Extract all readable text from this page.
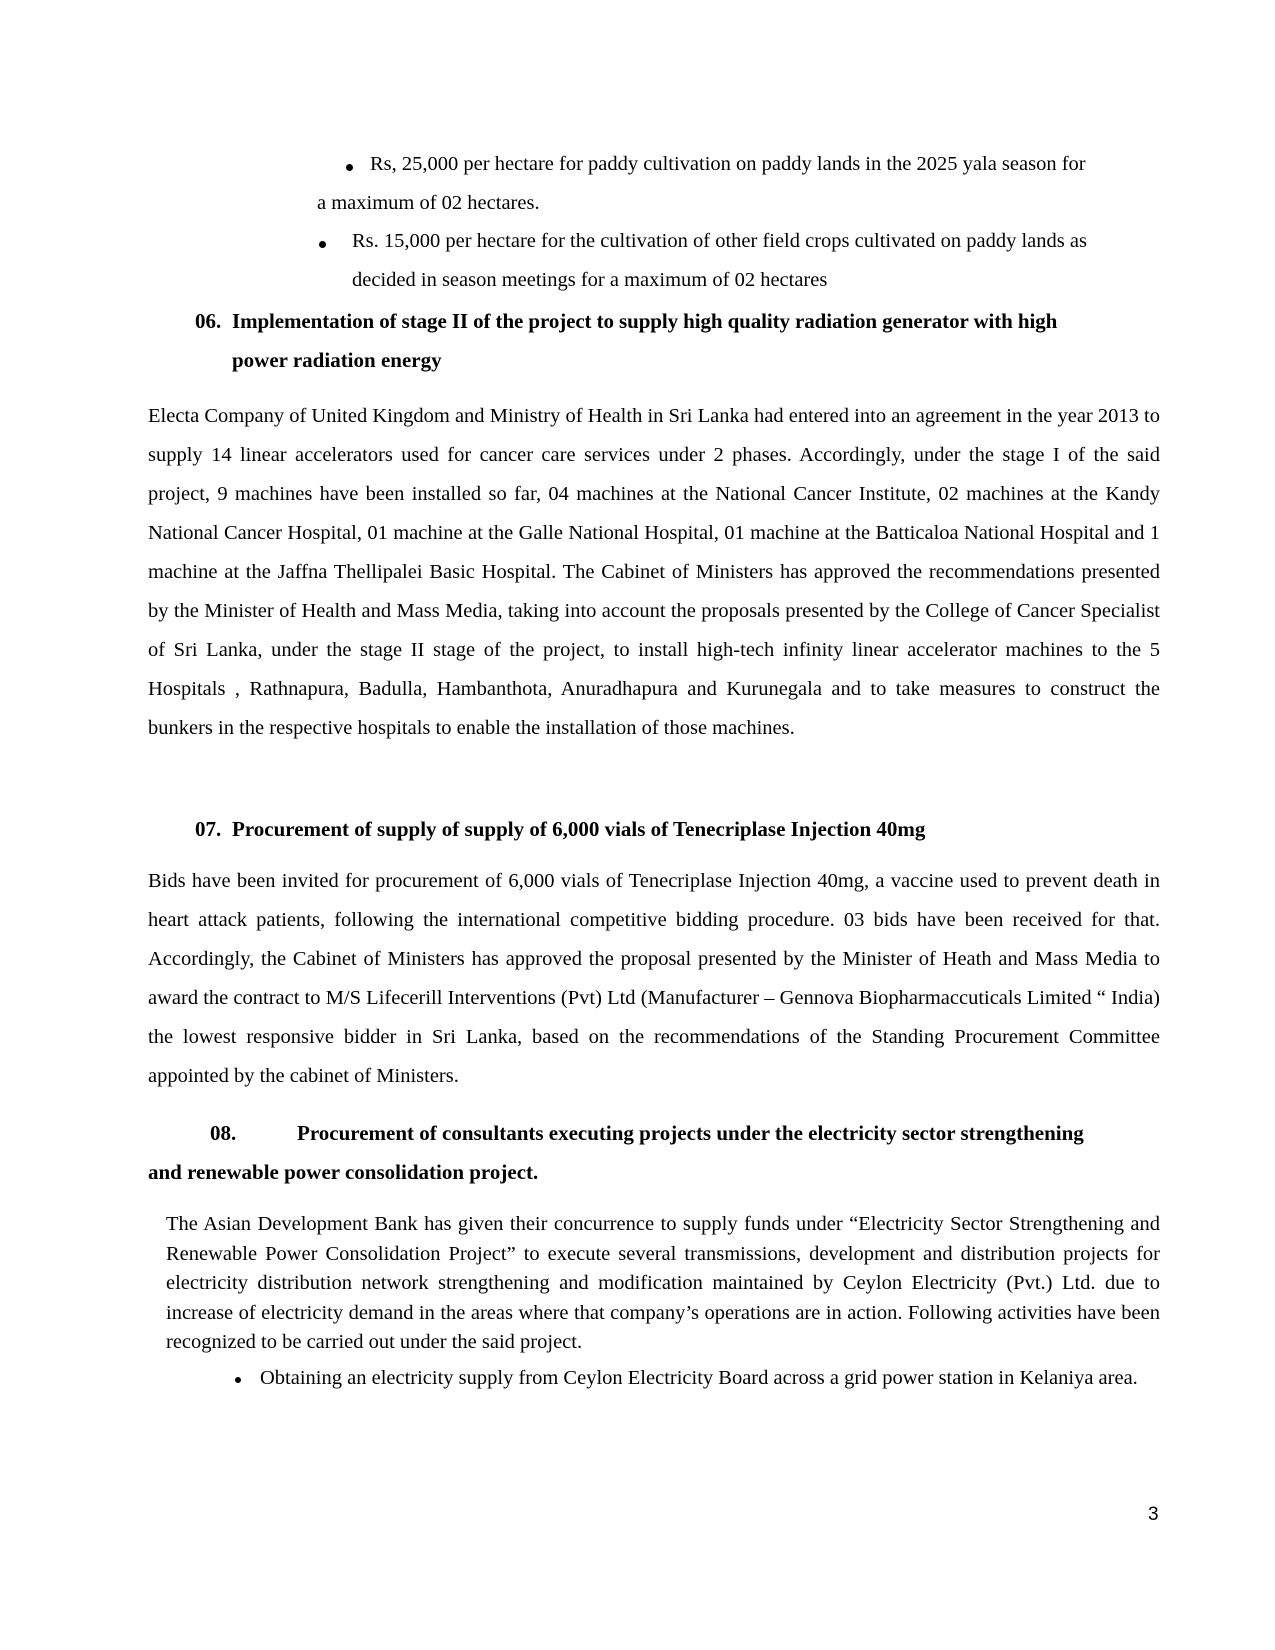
Rs, 25,000 per hectare for paddy cultivation on paddy lands in the 2025 yala season for
a maximum of 02 hectares.
Rs. 15,000 per hectare for the cultivation of other field crops cultivated on paddy lands as
decided in season meetings for a maximum of 02 hectares
06. Implementation of stage II of the project to supply high quality radiation generator with high
power radiation energy
Electa Company of United Kingdom and Ministry of Health in Sri Lanka had entered into an agreement in the year 2013 to supply 14 linear accelerators used for cancer care services under 2 phases. Accordingly, under the stage I of the said project, 9 machines have been installed so far, 04 machines at the National Cancer Institute, 02 machines at the Kandy National Cancer Hospital, 01 machine at the Galle National Hospital, 01 machine at the Batticaloa National Hospital and 1 machine at the Jaffna Thellipalei Basic Hospital. The Cabinet of Ministers has approved the recommendations presented by the Minister of Health and Mass Media, taking into account the proposals presented by the College of Cancer Specialist of Sri Lanka, under the stage II stage of the project, to install high-tech infinity linear accelerator machines to the 5 Hospitals , Rathnapura, Badulla, Hambanthota, Anuradhapura and Kurunegala and to take measures to construct the bunkers in the respective hospitals to enable the installation of those machines.
07. Procurement of supply of supply of 6,000 vials of Tenecriplase Injection 40mg
Bids have been invited for procurement of 6,000 vials of Tenecriplase Injection 40mg, a vaccine used to prevent death in heart attack patients, following the international competitive bidding procedure. 03 bids have been received for that. Accordingly, the Cabinet of Ministers has approved the proposal presented by the Minister of Heath and Mass Media to award the contract to M/S Lifecerill Interventions (Pvt) Ltd (Manufacturer – Gennova Biopharmaccuticals Limited “ India) the lowest responsive bidder in Sri Lanka, based on the recommendations of the Standing Procurement Committee appointed by the cabinet of Ministers.
08.	Procurement of consultants executing projects under the electricity sector strengthening
and renewable power consolidation project.
The Asian Development Bank has given their concurrence to supply funds under “Electricity Sector Strengthening and Renewable Power Consolidation Project” to execute several transmissions, development and distribution projects for electricity distribution network strengthening and modification maintained by Ceylon Electricity (Pvt.) Ltd. due to increase of electricity demand in the areas where that company’s operations are in action. Following activities have been recognized to be carried out under the said project.
Obtaining an electricity supply from Ceylon Electricity Board across a grid power station in Kelaniya area.
3
